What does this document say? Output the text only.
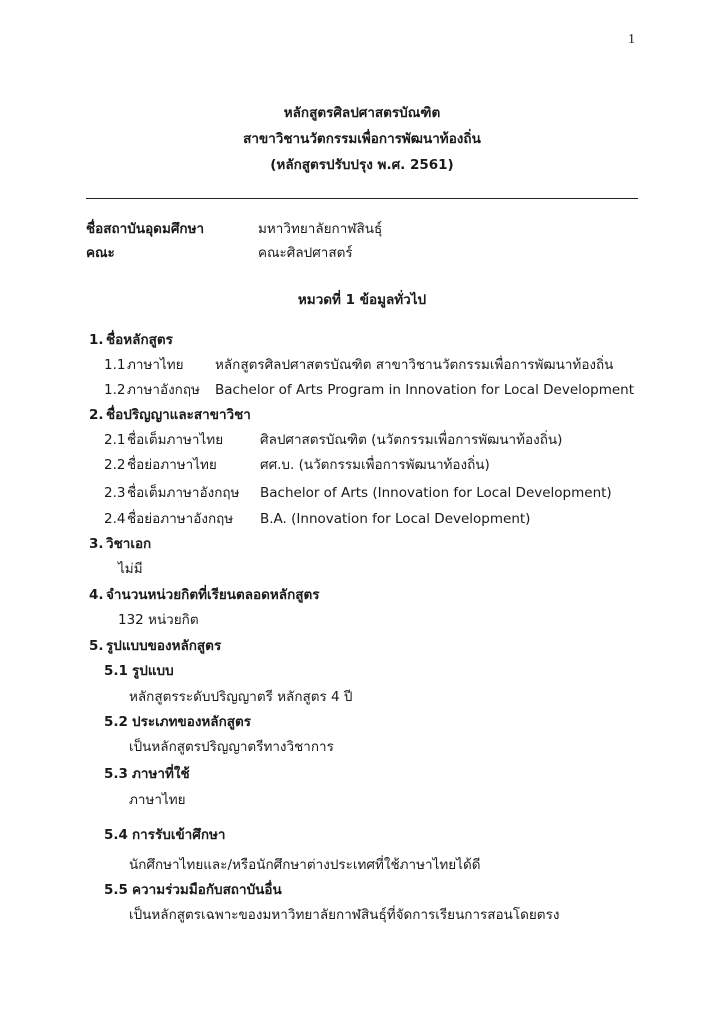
1
หลักสูตรศิลปศาสตรบัณฑิต
สาขาวิชานวัตกรรมเพื่อการพัฒนาท้องถิ่น
(หลักสูตรปรับปรุง พ.ศ. 2561)
ชื่อสถาบันอุดมศึกษา	มหาวิทยาลัยกาฬสินธุ์
คณะ	คณะศิลปศาสตร์
หมวดที่ 1 ข้อมูลทั่วไป
1. ชื่อหลักสูตร
1.1 ภาษาไทย หลักสูตรศิลปศาสตรบัณฑิต สาขาวิชานวัตกรรมเพื่อการพัฒนาท้องถิ่น
1.2 ภาษาอังกฤษ Bachelor of Arts Program in Innovation for Local Development
2. ชื่อปริญญาและสาขาวิชา
2.1 ชื่อเต็มภาษาไทย	ศิลปศาสตรบัณฑิต (นวัตกรรมเพื่อการพัฒนาท้องถิ่น)
2.2 ชื่อย่อภาษาไทย	ศศ.บ. (นวัตกรรมเพื่อการพัฒนาท้องถิ่น)
2.3 ชื่อเต็มภาษาอังกฤษ Bachelor of Arts (Innovation for Local Development)
2.4 ชื่อย่อภาษาอังกฤษ B.A. (Innovation for Local Development)
3. วิชาเอก
ไม่มี
4. จำนวนหน่วยกิตที่เรียนตลอดหลักสูตร
132 หน่วยกิต
5. รูปแบบของหลักสูตร
5.1 รูปแบบ
หลักสูตรระดับปริญญาตรี หลักสูตร 4 ปี
5.2 ประเภทของหลักสูตร
เป็นหลักสูตรปริญญาตรีทางวิชาการ
5.3 ภาษาที่ใช้
ภาษาไทย
5.4 การรับเข้าศึกษา
นักศึกษาไทยและ/หรือนักศึกษาต่างประเทศที่ใช้ภาษาไทยได้ดี
5.5 ความร่วมมือกับสถาบันอื่น
เป็นหลักสูตรเฉพาะของมหาวิทยาลัยกาฬสินธุ์ที่จัดการเรียนการสอนโดยตรง
